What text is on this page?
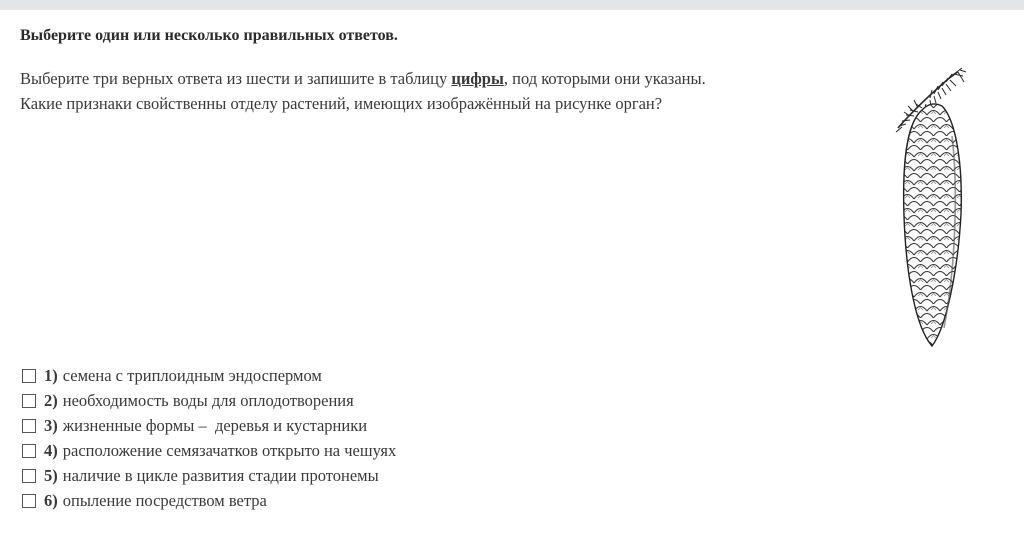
Выберите один или несколько правильных ответов.
Выберите три верных ответа из шести и запишите в таблицу цифры, под которыми они указаны.
Какие признаки свойственны отделу растений, имеющих изображённый на рисунке орган?
1) семена с триплоидным эндоспермом
2) необходимость воды для оплодотворения
3) жизненные формы –  деревья и кустарники
4) расположение семязачатков открыто на чешуях
5) наличие в цикле развития стадии протонемы
6) опыление посредством ветра
